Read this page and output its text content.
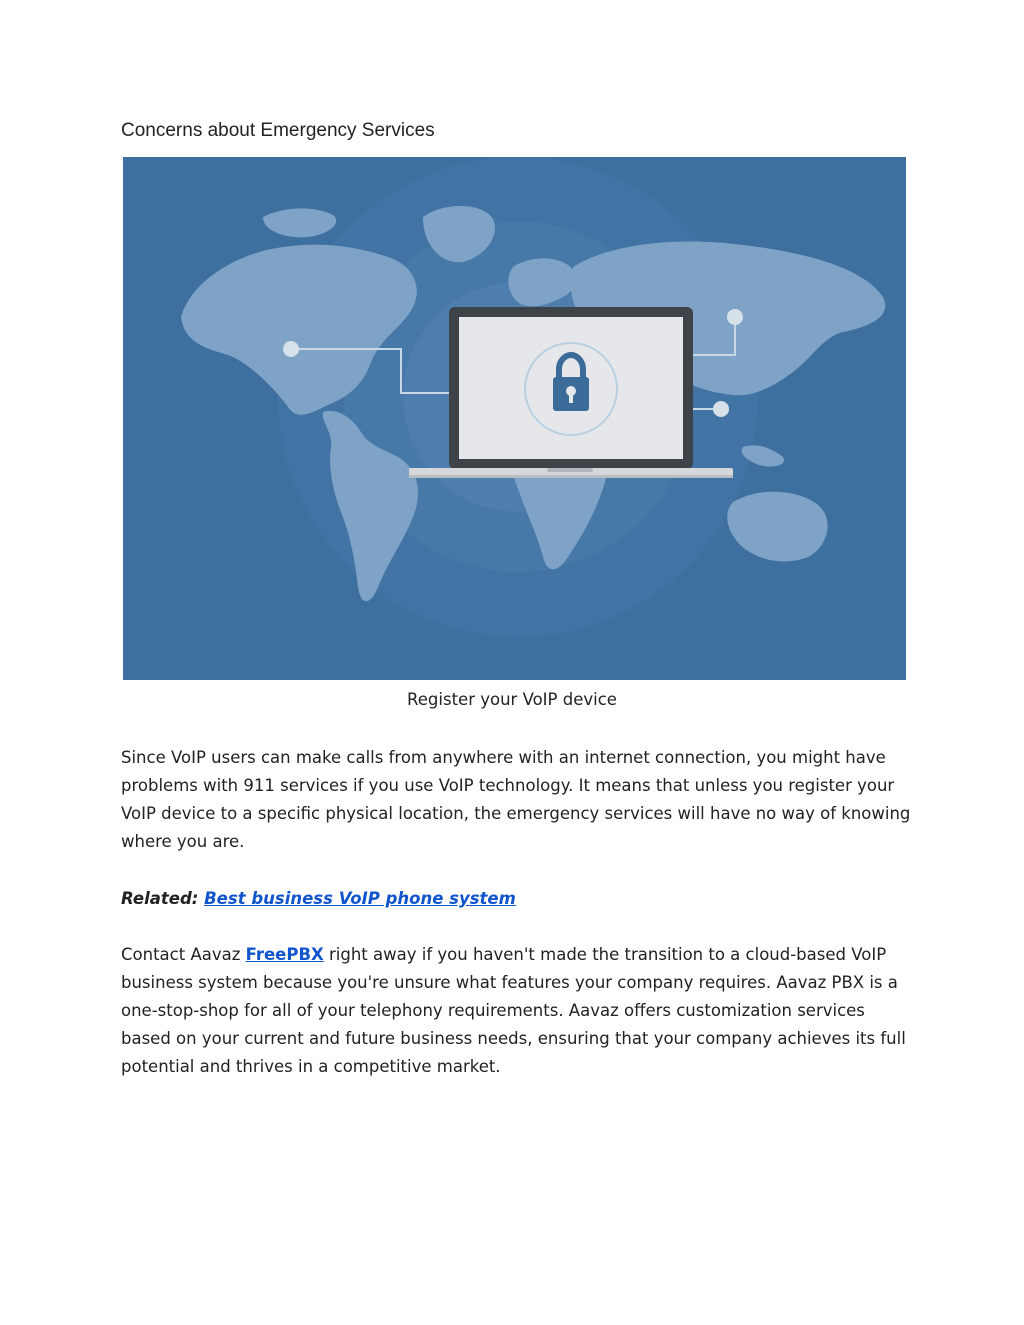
Concerns about Emergency Services
Register your VoIP device

Since VoIP users can make calls from anywhere with an internet connection, you might have problems with 911 services if you use VoIP technology. It means that unless you register your VoIP device to a specific physical location, the emergency services will have no way of knowing where you are.

Related: Best business VoIP phone system

Contact Aavaz FreePBX right away if you haven't made the transition to a cloud-based VoIP business system because you're unsure what features your company requires. Aavaz PBX is a one-stop-shop for all of your telephony requirements. Aavaz offers customization services based on your current and future business needs, ensuring that your company achieves its full potential and thrives in a competitive market.
